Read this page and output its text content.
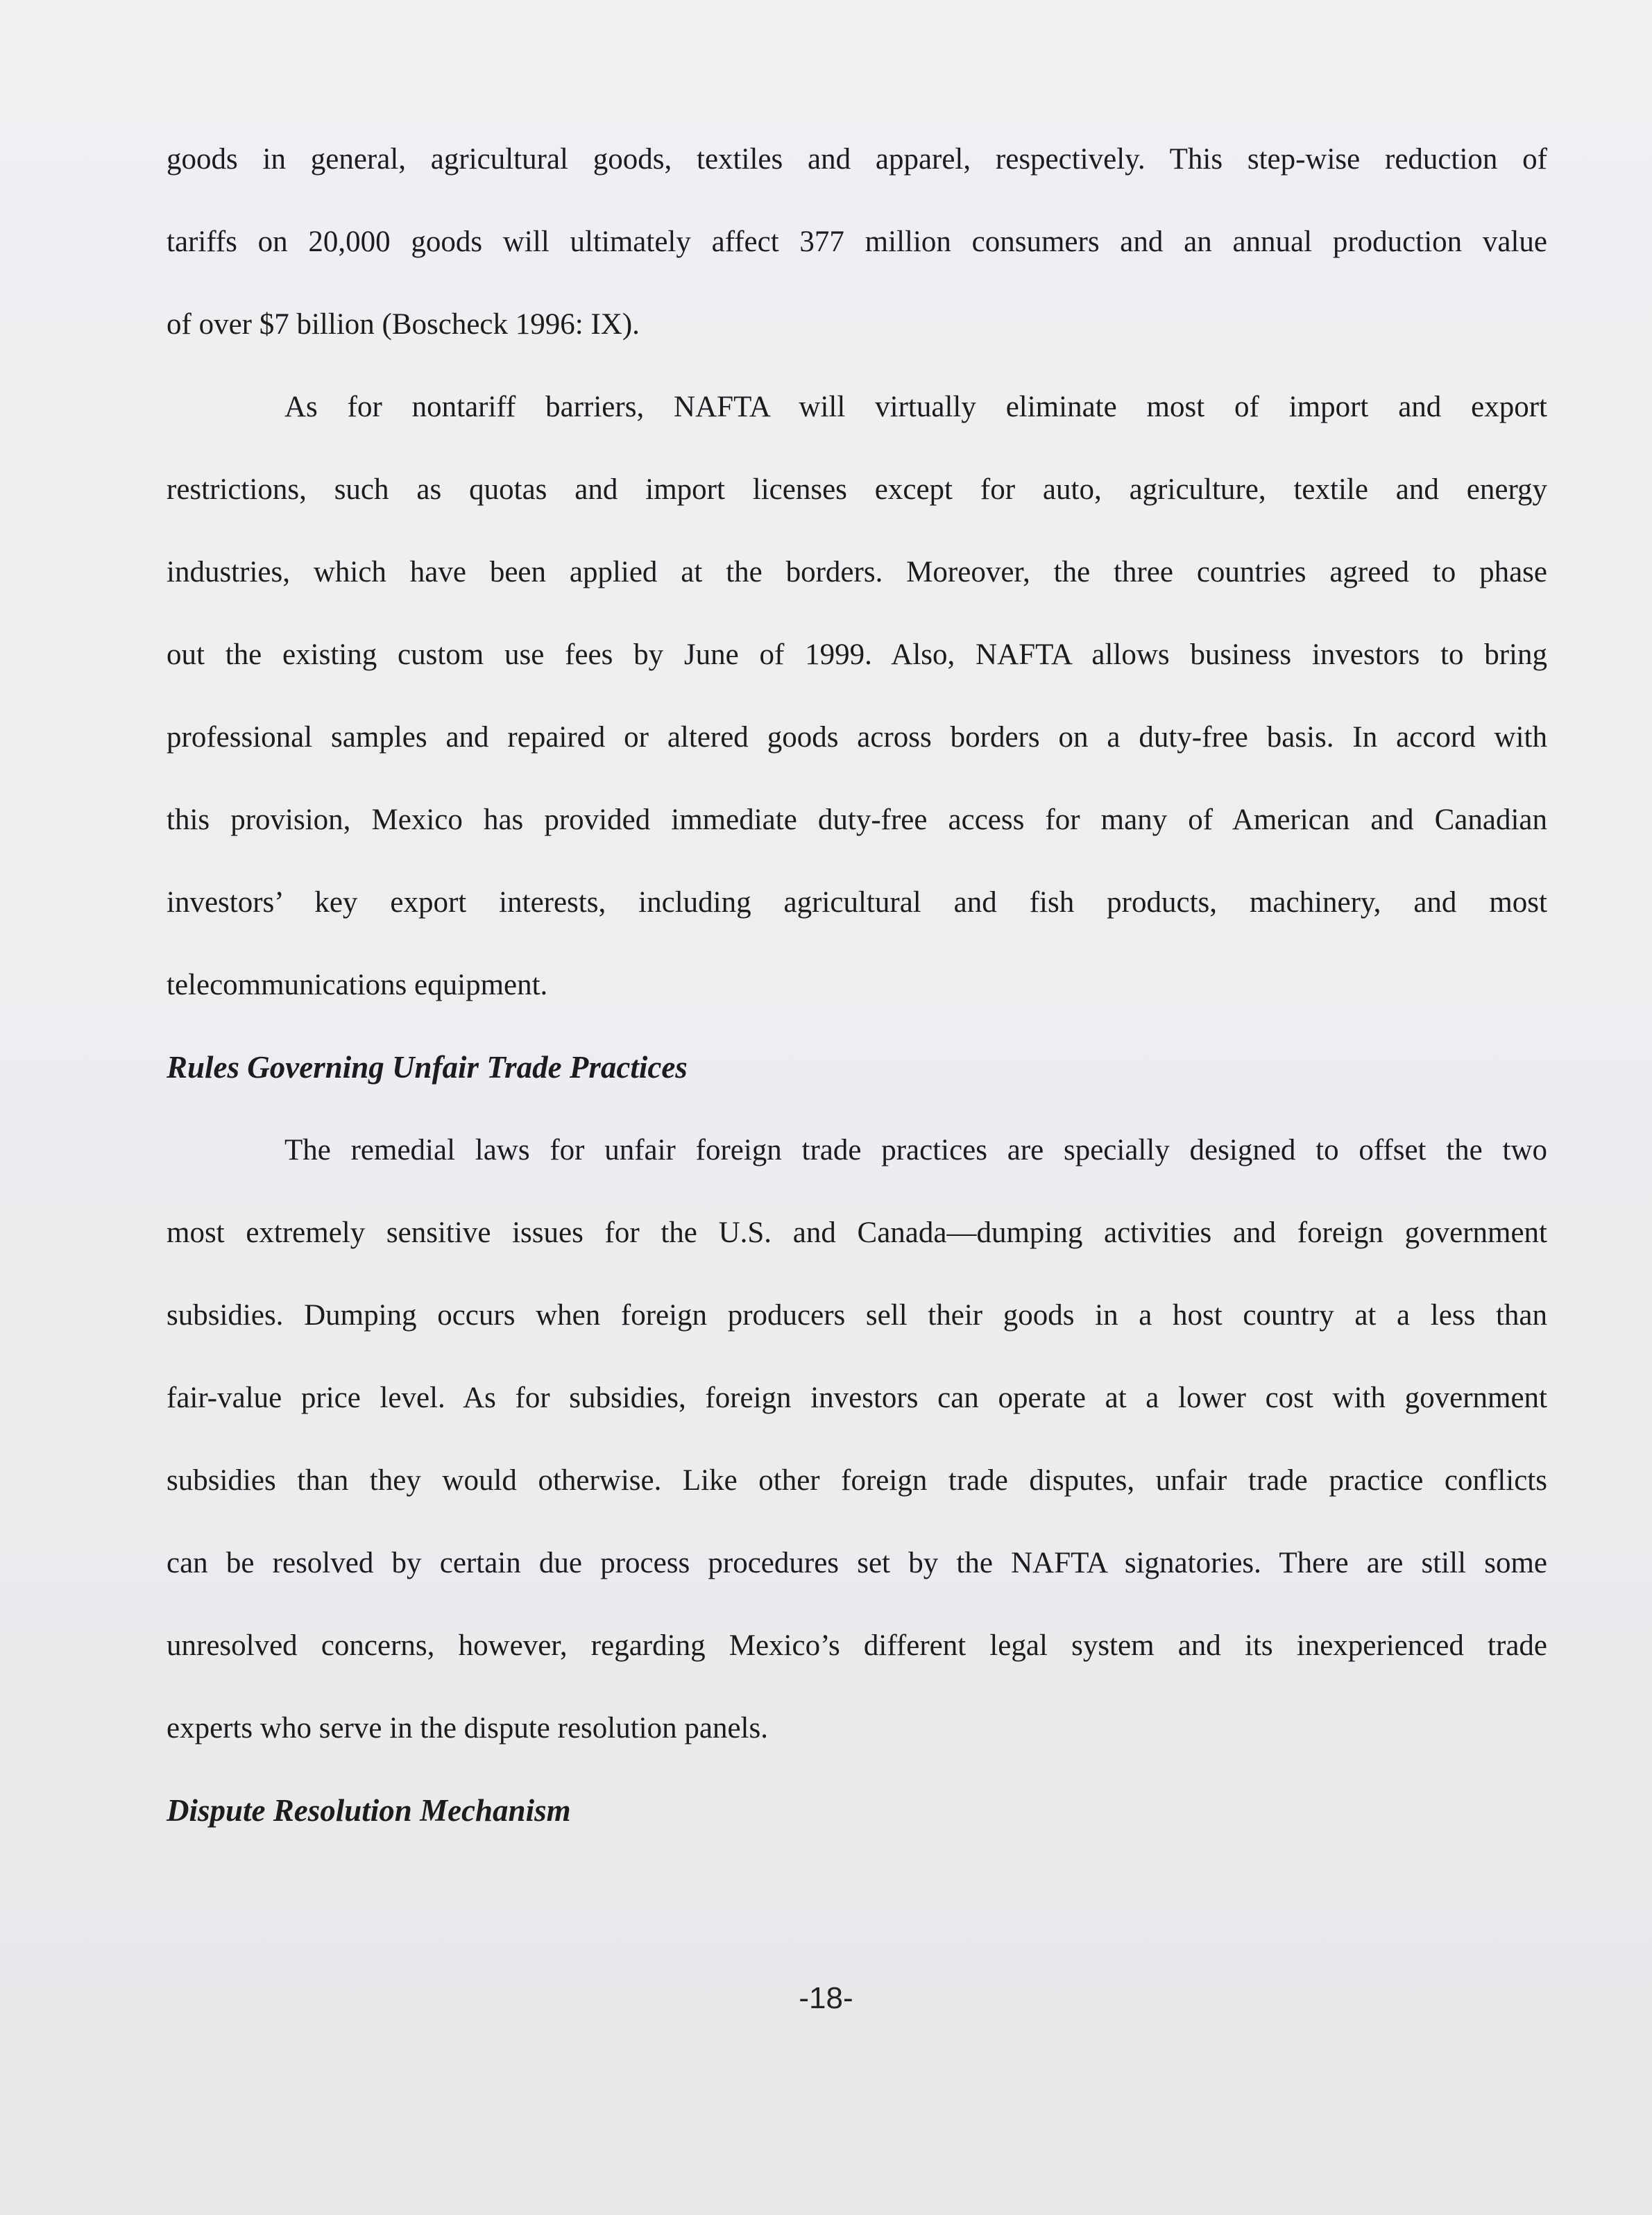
goods in general, agricultural goods, textiles and apparel, respectively. This step-wise reduction of
tariffs on 20,000 goods will ultimately affect 377 million consumers and an annual production value
of over $7 billion (Boscheck 1996: IX).
As for nontariff barriers, NAFTA will virtually eliminate most of import and export
restrictions, such as quotas and import licenses except for auto, agriculture, textile and energy
industries, which have been applied at the borders. Moreover, the three countries agreed to phase
out the existing custom use fees by June of 1999. Also, NAFTA allows business investors to bring
professional samples and repaired or altered goods across borders on a duty-free basis. In accord with
this provision, Mexico has provided immediate duty-free access for many of American and Canadian
investors’ key export interests, including agricultural and fish products, machinery, and most
telecommunications equipment.
Rules Governing Unfair Trade Practices
The remedial laws for unfair foreign trade practices are specially designed to offset the two
most extremely sensitive issues for the U.S. and Canada—dumping activities and foreign government
subsidies. Dumping occurs when foreign producers sell their goods in a host country at a less than
fair-value price level. As for subsidies, foreign investors can operate at a lower cost with government
subsidies than they would otherwise. Like other foreign trade disputes, unfair trade practice conflicts
can be resolved by certain due process procedures set by the NAFTA signatories. There are still some
unresolved concerns, however, regarding Mexico’s different legal system and its inexperienced trade
experts who serve in the dispute resolution panels.
Dispute Resolution Mechanism
-18-
